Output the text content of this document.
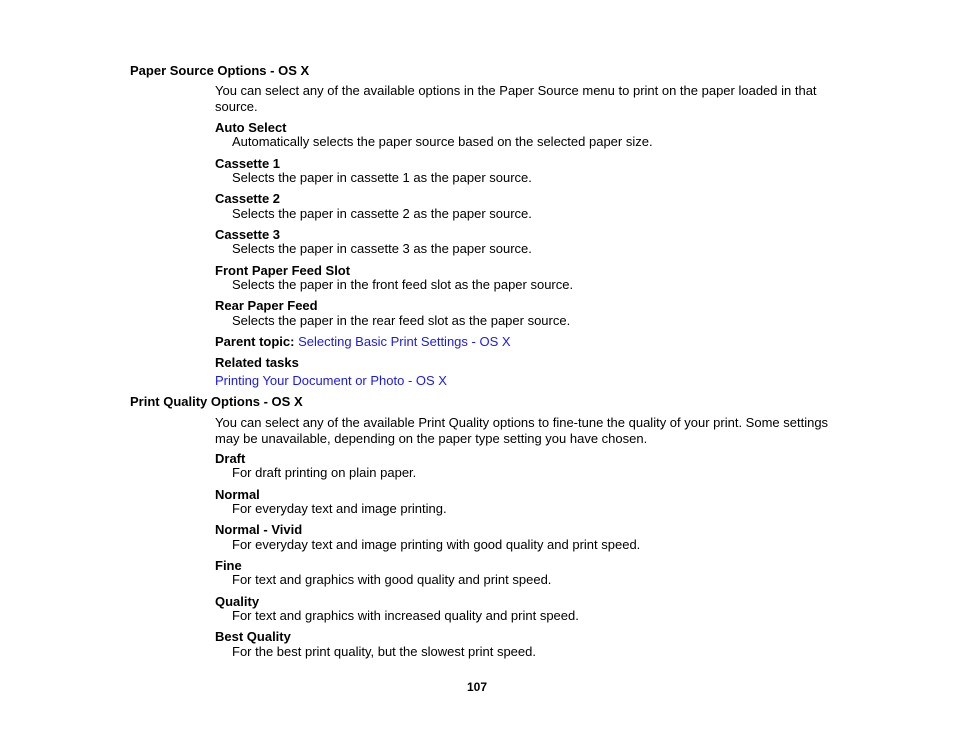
Paper Source Options - OS X
You can select any of the available options in the Paper Source menu to print on the paper loaded in that source.
Auto Select
Automatically selects the paper source based on the selected paper size.
Cassette 1
Selects the paper in cassette 1 as the paper source.
Cassette 2
Selects the paper in cassette 2 as the paper source.
Cassette 3
Selects the paper in cassette 3 as the paper source.
Front Paper Feed Slot
Selects the paper in the front feed slot as the paper source.
Rear Paper Feed
Selects the paper in the rear feed slot as the paper source.
Parent topic: Selecting Basic Print Settings - OS X
Related tasks
Printing Your Document or Photo - OS X
Print Quality Options - OS X
You can select any of the available Print Quality options to fine-tune the quality of your print. Some settings may be unavailable, depending on the paper type setting you have chosen.
Draft
For draft printing on plain paper.
Normal
For everyday text and image printing.
Normal - Vivid
For everyday text and image printing with good quality and print speed.
Fine
For text and graphics with good quality and print speed.
Quality
For text and graphics with increased quality and print speed.
Best Quality
For the best print quality, but the slowest print speed.
107
